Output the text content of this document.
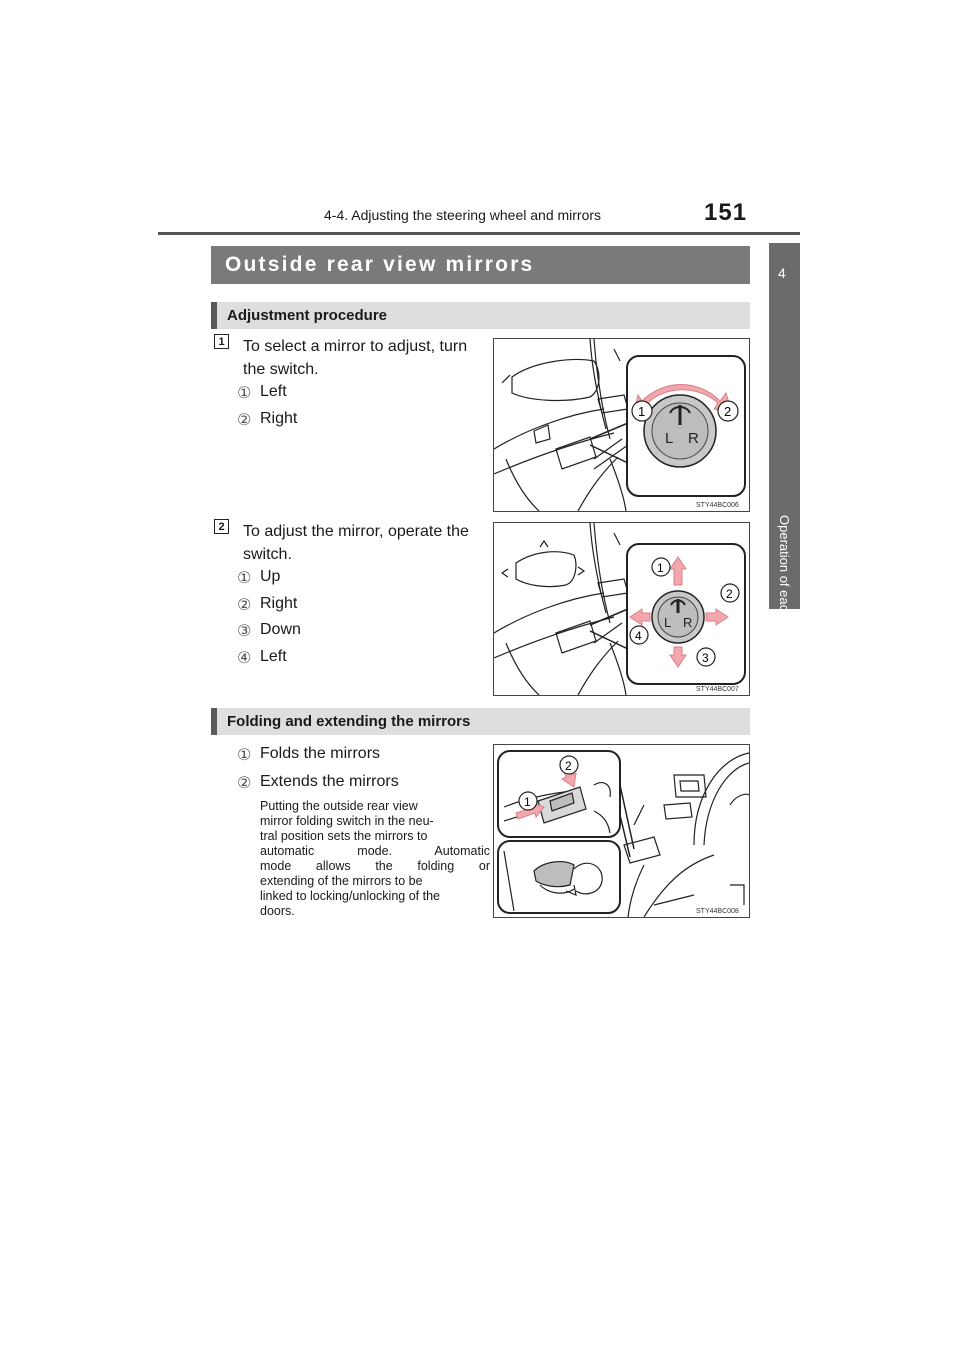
4-4. Adjusting the steering wheel and mirrors	151
4
Operation of each component
Outside rear view mirrors
Adjustment procedure
1 To select a mirror to adjust, turn
the switch.
① Left
② Right
L R
1	2
STY44BC006
2 To adjust the mirror, operate the
switch.
① Up
② Right
③ Down
④ Left
L R
1
2
3
4
STY44BC007
Folding and extending the mirrors
① Folds the mirrors
② Extends the mirrors
Putting the outside rear view
mirror folding switch in the neu-
tral position sets the mirrors to
automatic mode. Automatic
mode allows the folding or
extending of the mirrors to be
linked to locking/unlocking of the
doors.
1
2
STY44BC008
